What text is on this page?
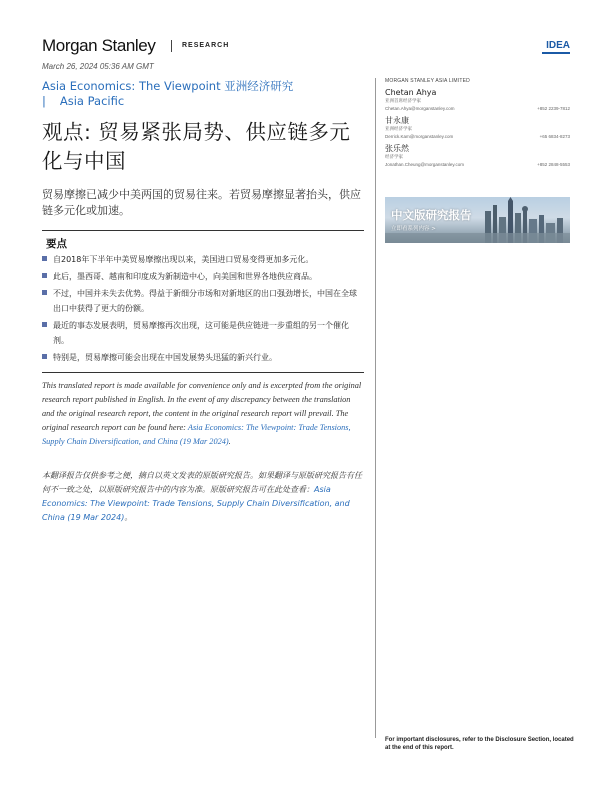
Morgan Stanley	RESEARCH	IDEA
March 26, 2024 05:36 AM GMT
Asia Economics: The Viewpoint 亚洲经济研究
| Asia Pacific
观点: 贸易紧张局势、供应链多元化与中国

贸易摩擦已减少中美两国的贸易往来。若贸易摩擦显著抬头，供应链多元化或加速。

要点
自2018年下半年中美贸易摩擦出现以来，美国进口贸易变得更加多元化。
此后，墨西哥、越南和印度成为新制造中心，向美国和世界各地供应商品。
不过，中国并未失去优势。得益于新细分市场和对新地区的出口强劲增长，中国在全球出口中获得了更大的份额。
最近的事态发展表明，贸易摩擦再次出现，这可能是供应链进一步重组的另一个催化剂。
特别是，贸易摩擦可能会出现在中国发展势头迅猛的新兴行业。

This translated report is made available for convenience only and is excerpted from the original research report published in English. In the event of any discrepancy between the translation and the original research report, the content in the original research report will prevail. The original research report can be found here: Asia Economics: The Viewpoint: Trade Tensions, Supply Chain Diversification, and China (19 Mar 2024).

本翻译报告仅供参考之便，摘自以英文发表的原版研究报告。如果翻译与原版研究报告有任何不一致之处，以原版研究报告中的内容为准。原版研究报告可在此处查看：Asia Economics: The Viewpoint: Trade Tensions, Supply Chain Diversification, and China (19 Mar 2024)。

MORGAN STANLEY ASIA LIMITED
Chetan Ahya
亚洲首席经济学家
Chetan.Ahya@morganstanley.com	+852 2239-7812
甘永康
亚洲经济学家
Derrick.Kam@morganstanley.com	+65 6834-8273
张乐然
经济学家
Jonathan.Cheung@morganstanley.com	+852 2848-5553
中文版研究报告
立即看系列内容 >
For important disclosures, refer to the Disclosure Section, located at the end of this report.
